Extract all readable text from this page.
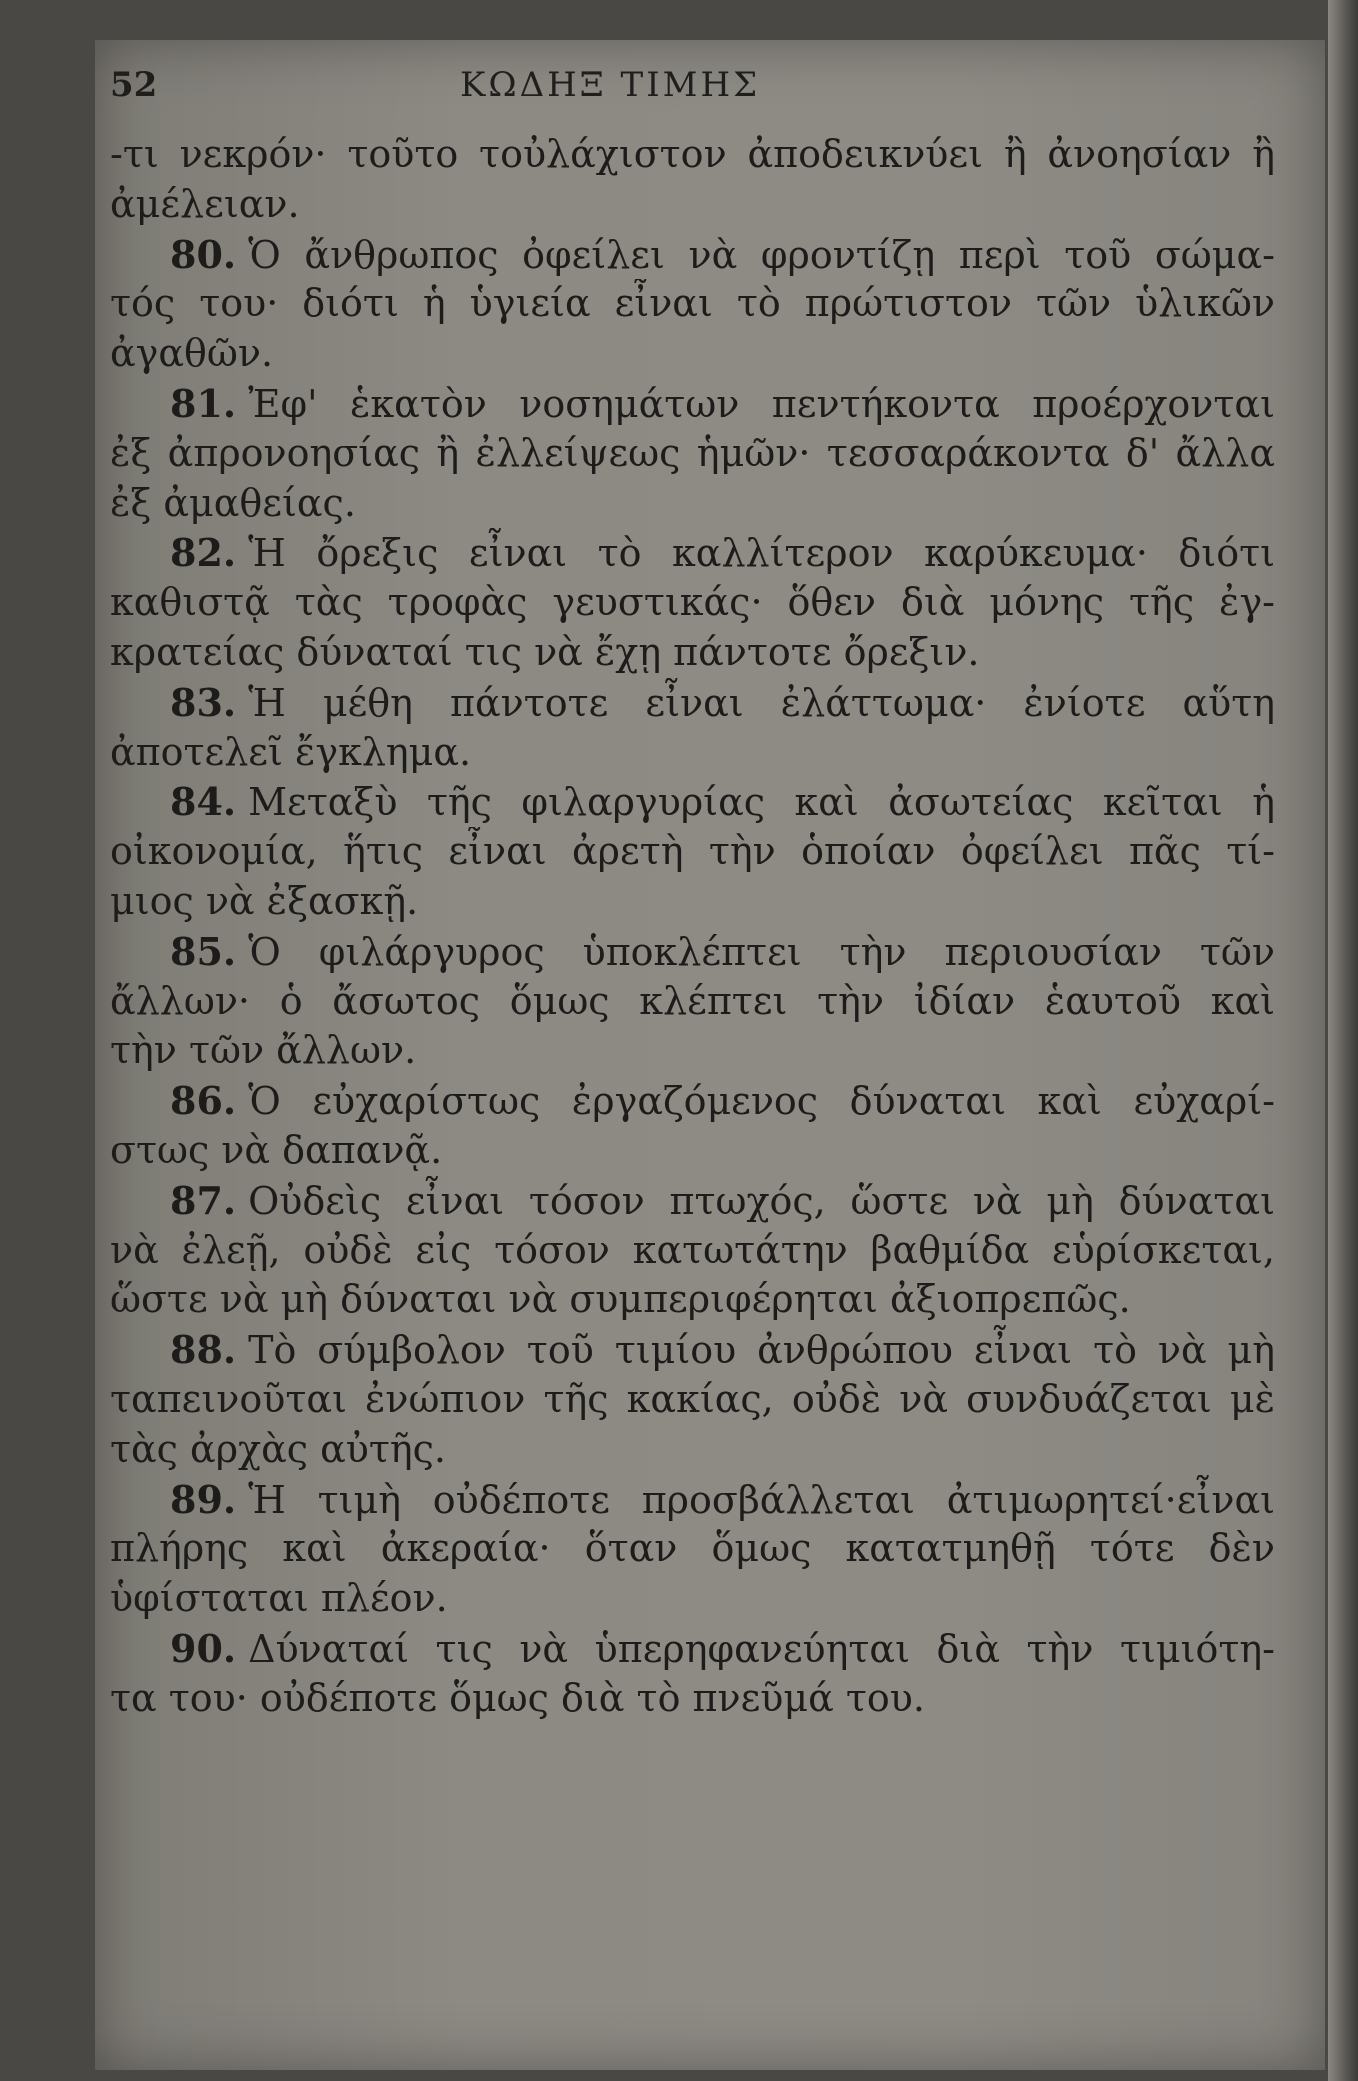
52	ΚΩΔΗΞ ΤΙΜΗΣ
-τι νεκρόν· τοῦτο τοὐλάχιστον ἀποδεικνύει ἢ ἀνοησίαν ἢ
ἀμέλειαν.
80. Ὁ ἄνθρωπος ὀφείλει νὰ φροντίζῃ περὶ τοῦ σώμα-
τός του· διότι ἡ ὑγιεία εἶναι τὸ πρώτιστον τῶν ὑλικῶν
ἀγαθῶν.
81. Ἐφ' ἑκατὸν νοσημάτων πεντήκοντα προέρχονται
ἐξ ἀπρονοησίας ἢ ἐλλείψεως ἡμῶν· τεσσαράκοντα δ' ἄλλα
ἐξ ἀμαθείας.
82. Ἡ ὄρεξις εἶναι τὸ καλλίτερον καρύκευμα· διότι
καθιστᾷ τὰς τροφὰς γευστικάς· ὅθεν διὰ μόνης τῆς ἐγ-
κρατείας δύναταί τις νὰ ἔχῃ πάντοτε ὄρεξιν.
83. Ἡ μέθη πάντοτε εἶναι ἐλάττωμα· ἐνίοτε αὕτη
ἀποτελεῖ ἔγκλημα.
84. Μεταξὺ τῆς φιλαργυρίας καὶ ἀσωτείας κεῖται ἡ
οἰκονομία, ἥτις εἶναι ἀρετὴ τὴν ὁποίαν ὀφείλει πᾶς τί-
μιος νὰ ἐξασκῇ.
85. Ὁ φιλάργυρος ὑποκλέπτει τὴν περιουσίαν τῶν
ἄλλων· ὁ ἄσωτος ὅμως κλέπτει τὴν ἰδίαν ἑαυτοῦ καὶ
τὴν τῶν ἄλλων.
86. Ὁ εὐχαρίστως ἐργαζόμενος δύναται καὶ εὐχαρί-
στως νὰ δαπανᾷ.
87. Οὐδεὶς εἶναι τόσον πτωχός, ὥστε νὰ μὴ δύναται
νὰ ἐλεῇ, οὐδὲ εἰς τόσον κατωτάτην βαθμίδα εὑρίσκεται,
ὥστε νὰ μὴ δύναται νὰ συμπεριφέρηται ἀξιοπρεπῶς.
88. Τὸ σύμβολον τοῦ τιμίου ἀνθρώπου εἶναι τὸ νὰ μὴ
ταπεινοῦται ἐνώπιον τῆς κακίας, οὐδὲ νὰ συνδυάζεται μὲ
τὰς ἀρχὰς αὐτῆς.
89. Ἡ τιμὴ οὐδέποτε προσβάλλεται ἀτιμωρητεί·εἶναι
πλήρης καὶ ἀκεραία· ὅταν ὅμως κατατμηθῇ τότε δὲν
ὑφίσταται πλέον.
90. Δύναταί τις νὰ ὑπερηφανεύηται διὰ τὴν τιμιότη-
τα του· οὐδέποτε ὅμως διὰ τὸ πνεῦμά του.
